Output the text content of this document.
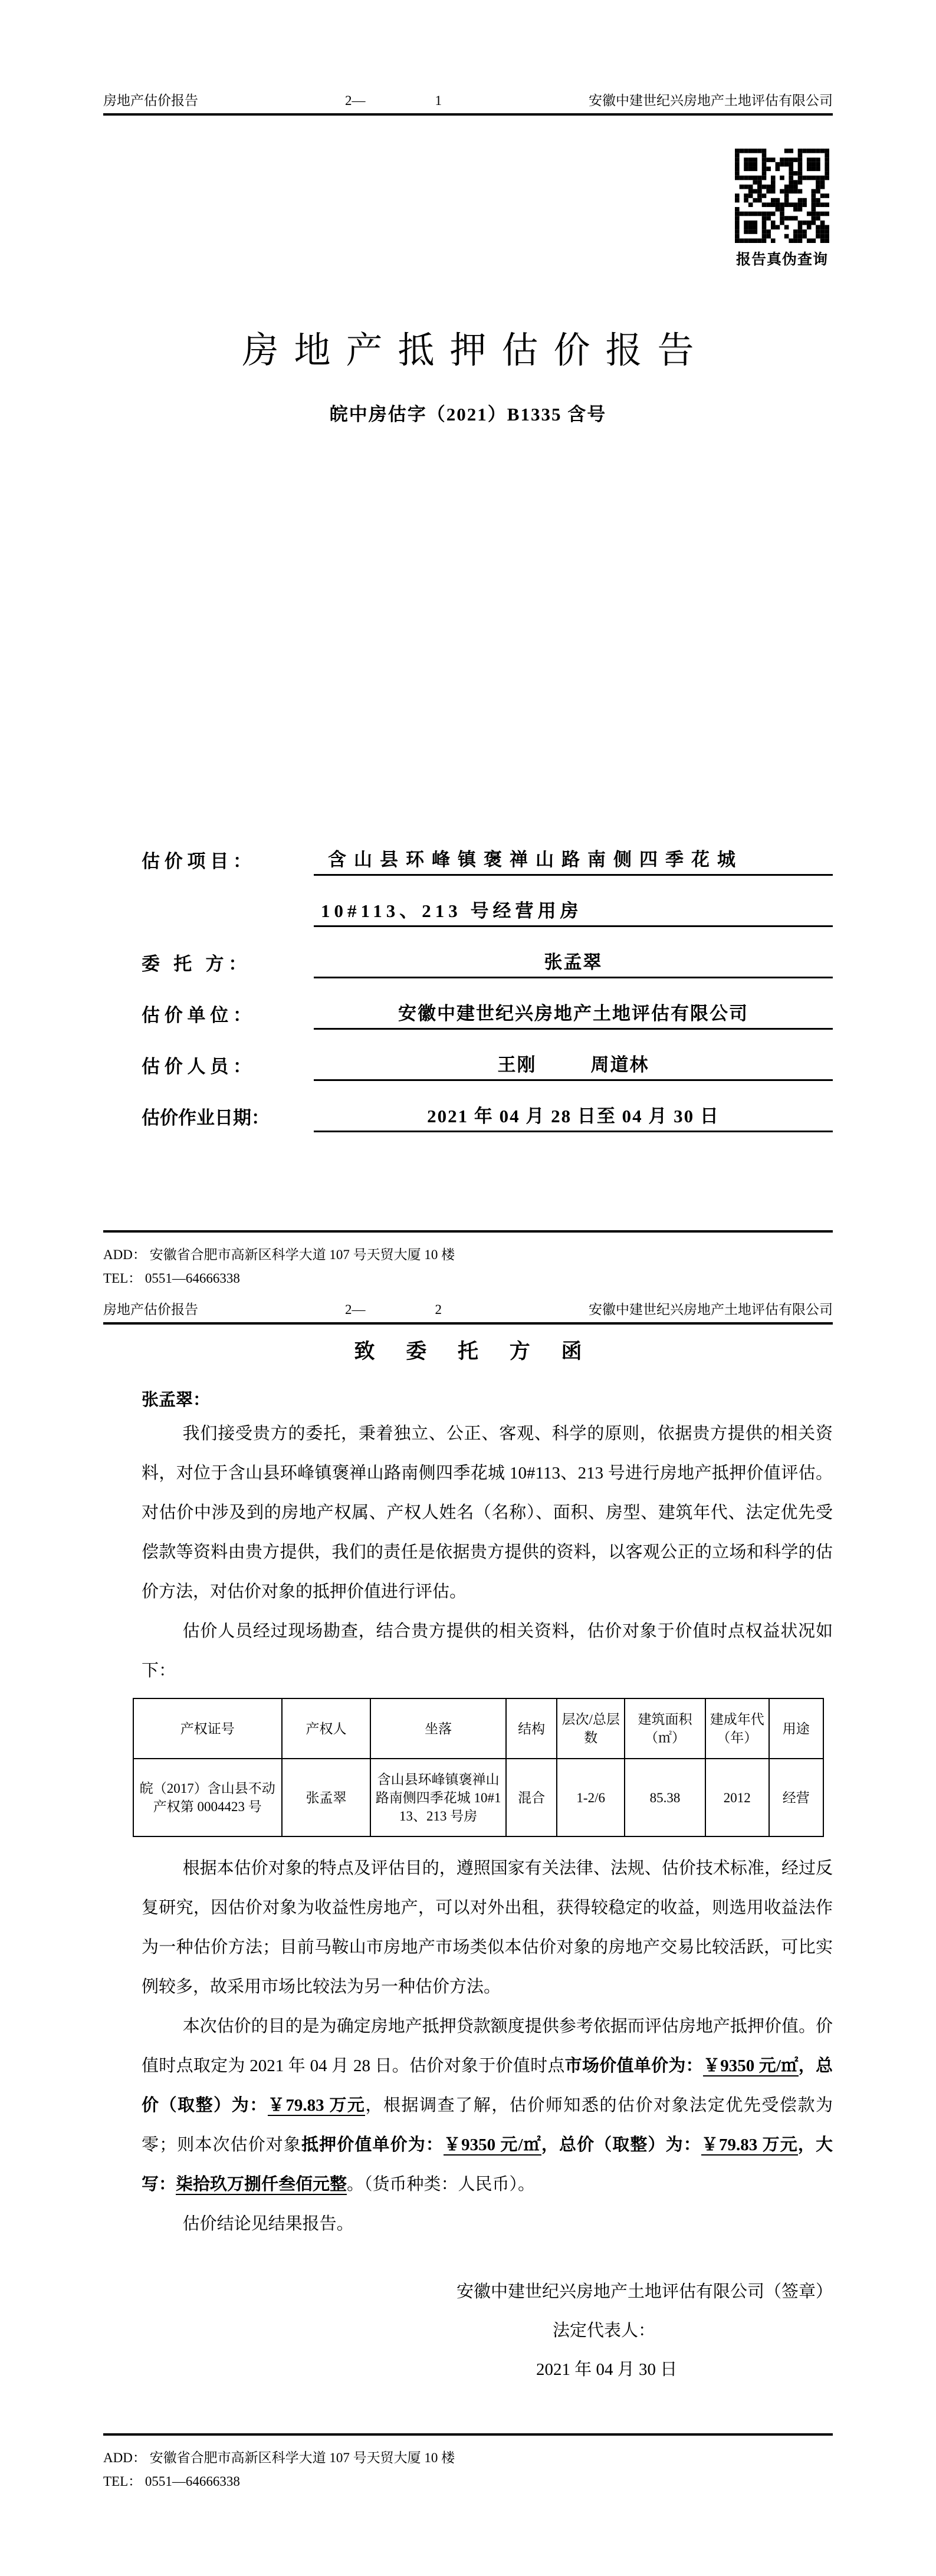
房地产估价报告	2—	1	安徽中建世纪兴房地产土地评估有限公司
报告真伪查询
房地产抵押估价报告
皖中房估字（2021）B1335 含号
估 价 项 目 ：	含山县环峰镇褒禅山路南侧四季花城
10#113、213 号经营用房
委   托   方 ：	张孟翠
估 价 单 位 ：	安徽中建世纪兴房地产土地评估有限公司
估 价 人 员 ：	王刚	周道林
估价作业日期：	2021 年 04 月 28 日至 04 月 30 日
ADD： 安徽省合肥市高新区科学大道 107 号天贸大厦 10 楼
TEL： 0551—64666338
房地产估价报告	2—	2	安徽中建世纪兴房地产土地评估有限公司
致 委 托 方 函
张孟翠：

我们接受贵方的委托，秉着独立、公正、客观、科学的原则，依据贵方提供的相关资料，对位于含山县环峰镇褒禅山路南侧四季花城 10#113、213 号进行房地产抵押价值评估。对估价中涉及到的房地产权属、产权人姓名（名称）、面积、房型、建筑年代、法定优先受偿款等资料由贵方提供，我们的责任是依据贵方提供的资料，以客观公正的立场和科学的估价方法，对估价对象的抵押价值进行评估。

估价人员经过现场勘查，结合贵方提供的相关资料，估价对象于价值时点权益状况如下：

产权证号	产权人	坐落	结构	层次/总层数	建筑面积（㎡）	建成年代（年）	用途
皖（2017）含山县不动产权第 0004423 号	张孟翠	含山县环峰镇褒禅山路南侧四季花城 10#113、213 号房	混合	1-2/6	85.38	2012	经营

根据本估价对象的特点及评估目的，遵照国家有关法律、法规、估价技术标准，经过反复研究，因估价对象为收益性房地产，可以对外出租，获得较稳定的收益，则选用收益法作为一种估价方法；目前马鞍山市房地产市场类似本估价对象的房地产交易比较活跃，可比实例较多，故采用市场比较法为另一种估价方法。

本次估价的目的是为确定房地产抵押贷款额度提供参考依据而评估房地产抵押价值。价值时点取定为 2021 年 04 月 28 日。估价对象于价值时点市场价值单价为：￥9350 元/㎡，总价（取整）为：￥79.83 万元，根据调查了解，估价师知悉的估价对象法定优先受偿款为零；则本次估价对象抵押价值单价为：￥9350 元/㎡，总价（取整）为：￥79.83 万元，大写：柒拾玖万捌仟叁佰元整。（货币种类：人民币）。

估价结论见结果报告。

安徽中建世纪兴房地产土地评估有限公司（签章）
法定代表人：
2021 年 04 月 30 日
ADD： 安徽省合肥市高新区科学大道 107 号天贸大厦 10 楼
TEL： 0551—64666338
